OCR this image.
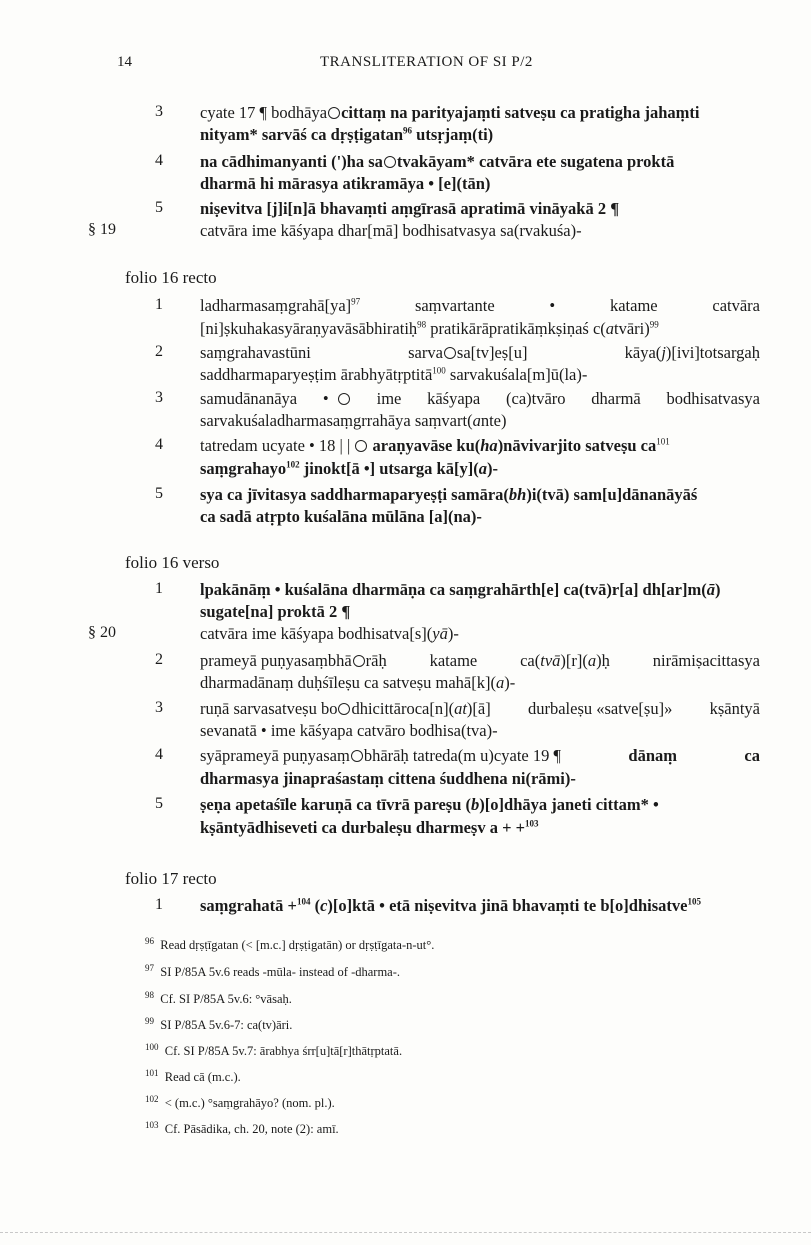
14	TRANSLITERATION OF SI P/2
3 cyate 17 ¶ bodhāya cittaṃ na parityajaṃti satveṣu ca pratigha jahaṃti
nityam* sarvāś ca dṛṣṭigatan$^{96}$ utsṛjaṃ(ti)
4 na cādhimanyanti (')ha sa tvakāyam* catvāra ete sugatena proktā
dharmā hi mārasya atikramāya • [e](tān)
5 niṣevitva [j]i[n]ā bhavaṃti aṃgīrasā apratimā vināyakā 2 ¶
§ 19	catvāra ime kāśyapa dhar[mā] bodhisatvasya sa(rvakuśa)-
folio 16 recto
1 ladharmasaṃgrahā[ya]$^{97}$	saṃvartante	•	katame	catvāra
[ni]ṣkuhakasyāraṇyavāsābhiratiḥ$^{98}$ pratikārāpratikāṃkṣiṇaś c(atvāri)$^{99}$
2 saṃgrahavastūni	sarva sa[tv]eṣ[u]	kāya(j)[ivi]totsargaḥ
saddharmaparyeṣṭim ārabhyātṛptitā$^{100}$ sarvakuśala[m]ū(la)-
3 samudānanāya •	ime kāśyapa (ca)tvāro dharmā bodhisatvasya
sarvakuśaladharmasaṃgrrahāya saṃvart(ante)
4 tatredam ucyate • 18 | | araṇyavāse ku(ha)nāvivarjito satveṣu $ca^{101}$
saṃgrahayo$^{102}$ jinokt[ā •] utsarga kā[y](a)-
5 sya ca jīvitasya saddharmaparyeṣṭi samāra(bh)i(tvā) sam[u]dānanāyāś
ca sadā atṛpto kuśalāna mūlāna [a](na)-
folio 16 verso
1 lpakānāṃ • kuśalāna dharmāṇa ca saṃgrahārth[e] ca(tvā)r[a] dh[ar]m(ā)
sugate[na] proktā 2 ¶
§ 20	catvāra ime kāśyapa bodhisatva[s](yā)-
2 prameyā puṇyasaṃbhā rāḥ	katame	ca(tvā)[r](a)ḥ	nirāmiṣacittasya
dharmadānaṃ duḥśīleṣu ca satveṣu mahā[k](a)-
3 ruṇā sarvasatveṣu bo dhicittāroca[n](at)[ā] durbaleṣu «satve[ṣu]» kṣāntyā
sevanatā • ime kāśyapa catvāro bodhisa(tva)-
4 syāprameyā puṇyasaṃ bhārāḥ tatreda(m u)cyate 19 ¶	dānaṃ	ca
dharmasya jinapraśastaṃ cittena śuddhena ni(rāmi)-
5 ṣeṇa apetaśīle karuṇā ca tīvrā pareṣu (b)[o]dhāya janeti cittam* •
kṣāntyādhiseveti ca durbaleṣu dharmeṣv a + +$^{103}$
folio 17 recto
1 saṃgrahatā +$^{104}$ (c)[o]ktā • etā niṣevitva jinā bhavaṃti te b[o]dhisatve$^{105}$
$^{96}$ Read dṛṣṭīgatan (< [m.c.] dṛṣṭigatān) or dṛṣṭīgata-n-ut°.
$^{97}$ SI P/85A 5v.6 reads -mūla- instead of -dharma-.
$^{98}$ Cf. SI P/85A 5v.6: °vāsaḥ.
$^{99}$ SI P/85A 5v.6-7: ca(tv)āri.
$^{100}$ Cf. SI P/85A 5v.7: ārabhya śrr[u]tā[r]thātṛptatā.
$^{101}$ Read cā (m.c.).
$^{102}$ < (m.c.) °saṃgrahāyo? (nom. pl.).
$^{103}$ Cf. Pāsādika, ch. 20, note (2): amī.
